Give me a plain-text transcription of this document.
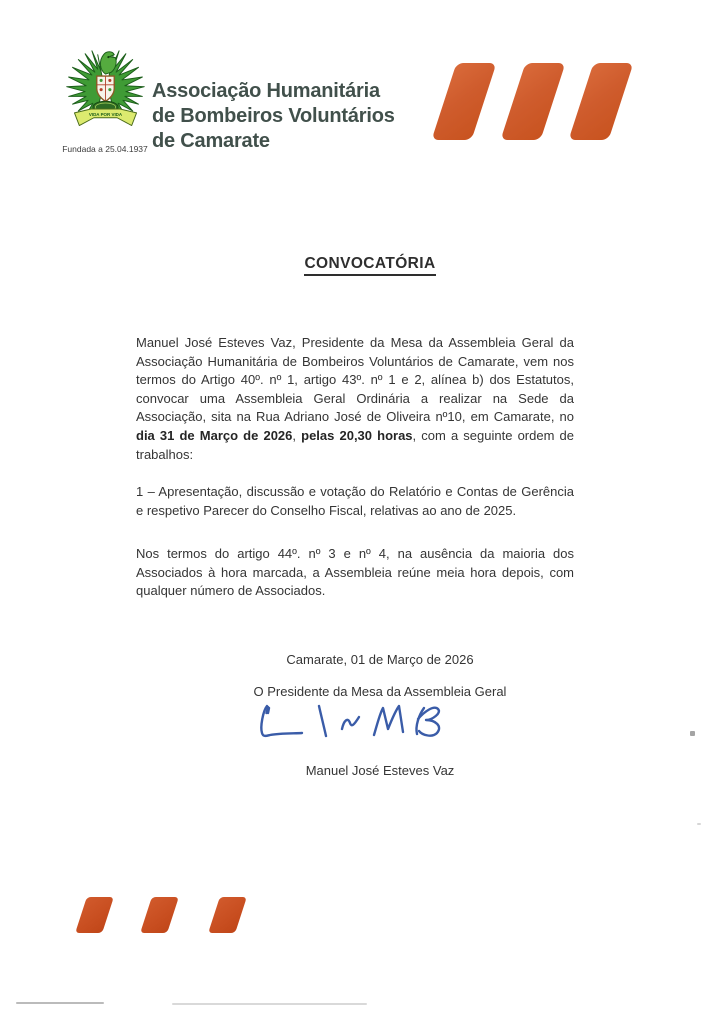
VIDA POR VIDA
Fundada a 25.04.1937
Associação Humanitária
de Bombeiros Voluntários
de Camarate
CONVOCATÓRIA

Manuel José Esteves Vaz, Presidente da Mesa da Assembleia Geral da Associação Humanitária de Bombeiros Voluntários de Camarate, vem nos termos do Artigo 40º. nº 1, artigo 43º. nº 1 e 2, alínea b) dos Estatutos, convocar uma Assembleia Geral Ordinária a realizar na Sede da Associação, sita na Rua Adriano José de Oliveira nº10, em Camarate, no dia 31 de Março de 2026, pelas 20,30 horas, com a seguinte ordem de trabalhos:

1 – Apresentação, discussão e votação do Relatório e Contas de Gerência e respetivo Parecer do Conselho Fiscal, relativas ao ano de 2025.

Nos termos do artigo 44º. nº 3 e nº 4, na ausência da maioria dos Associados à hora marcada, a Assembleia reúne meia hora depois, com qualquer número de Associados.

Camarate, 01 de Março de 2026
O Presidente da Mesa da Assembleia Geral
Manuel José Esteves Vaz
